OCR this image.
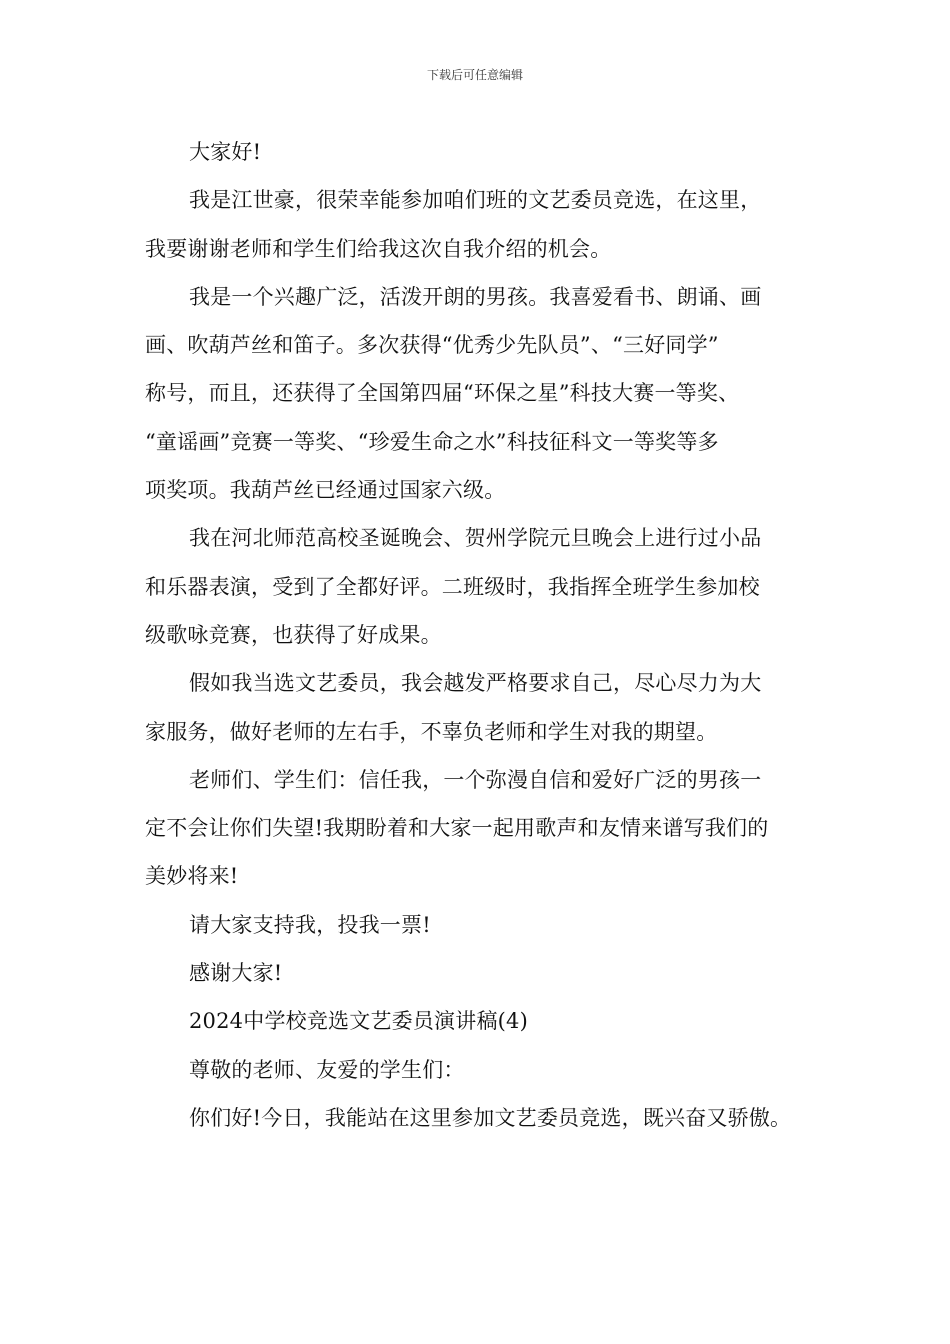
下载后可任意编辑
大家好!
我是江世豪，很荣幸能参加咱们班的文艺委员竞选，在这里，
我要谢谢老师和学生们给我这次自我介绍的机会。
我是一个兴趣广泛，活泼开朗的男孩。我喜爱看书、朗诵、画
画、吹葫芦丝和笛子。多次获得“优秀少先队员”、“三好同学”
称号，而且，还获得了全国第四届“环保之星”科技大赛一等奖、
“童谣画”竞赛一等奖、“珍爱生命之水”科技征科文一等奖等多
项奖项。我葫芦丝已经通过国家六级。
我在河北师范高校圣诞晚会、贺州学院元旦晚会上进行过小品
和乐器表演，受到了全都好评。二班级时，我指挥全班学生参加校
级歌咏竞赛，也获得了好成果。
假如我当选文艺委员，我会越发严格要求自己，尽心尽力为大
家服务，做好老师的左右手，不辜负老师和学生对我的期望。
老师们、学生们：信任我，一个弥漫自信和爱好广泛的男孩一
定不会让你们失望!我期盼着和大家一起用歌声和友情来谱写我们的
美妙将来!
请大家支持我，投我一票!
感谢大家!
2024中学校竞选文艺委员演讲稿(4)
尊敬的老师、友爱的学生们：
你们好!今日，我能站在这里参加文艺委员竞选，既兴奋又骄傲。
